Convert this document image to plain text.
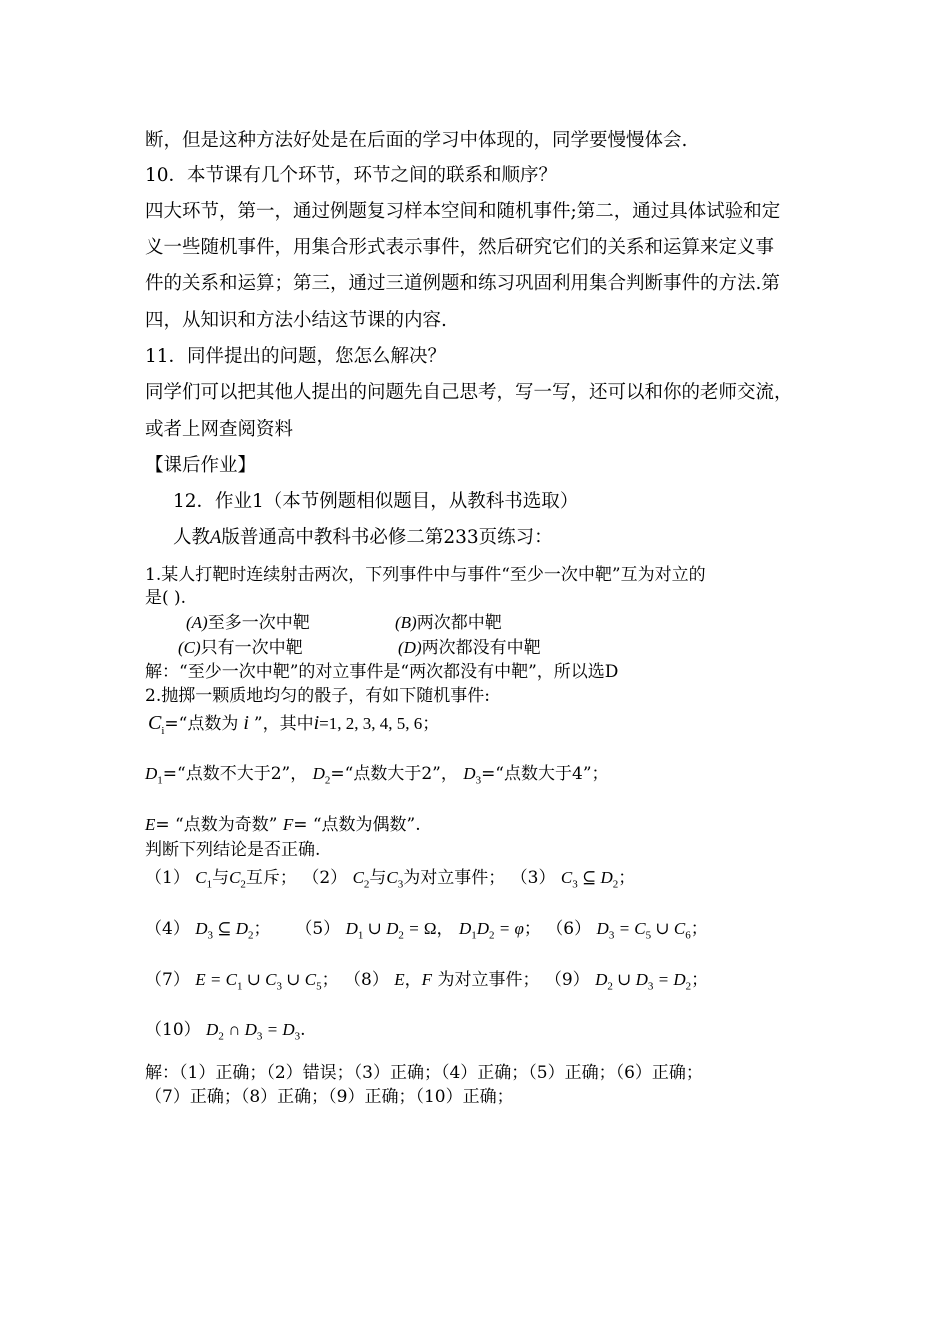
断，但是这种方法好处是在后面的学习中体现的，同学要慢慢体会.
10．本节课有几个环节，环节之间的联系和顺序？
四大环节，第一，通过例题复习样本空间和随机事件;第二，通过具体试验和定
义一些随机事件，用集合形式表示事件，然后研究它们的关系和运算来定义事
件的关系和运算；第三，通过三道例题和练习巩固利用集合判断事件的方法.第
四，从知识和方法小结这节课的内容.
11．同伴提出的问题，您怎么解决？
同学们可以把其他人提出的问题先自己思考，写一写，还可以和你的老师交流，
或者上网查阅资料
【课后作业】
12．作业1（本节例题相似题目，从教科书选取）
人教A版普通高中教科书必修二第233页练习：
1.某人打靶时连续射击两次，下列事件中与事件“至少一次中靶”互为对立的
是( ).
(A)至多一次中靶	(B)两次都中靶
(C)只有一次中靶	(D)两次都没有中靶
解：“至少一次中靶”的对立事件是“两次都没有中靶”，所以选D
2.抛掷一颗质地均匀的骰子，有如下随机事件:
$C_i=“$点数为 i ”，其中i=1, 2, 3, 4, 5, 6；
$D_1=“$点数不大于2”， $D_2=“$点数大于2”， $D_3=“$点数大于4”；
E= “点数为奇数” F= “点数为偶数”.
判断下列结论是否正确.
（1） $C_1$与$C_2$互斥； （2） $C_2$与$C_3$为对立事件； （3） $C_3$ ⊆ $D_2$；
（4） $D_3$ ⊆ $D_2$； （5） $D_1$ ∪ $D_2 = \Omega$， $D_1D_2 = \varphi$； （6） $D_3 = C_5$ ∪ $C_6$；
（7） $E = C_1$ ∪ $C_3$ ∪ $C_5$； （8） E，F 为对立事件； （9） $D_2$ ∪ $D_3 = D_2$；
（10） $D_2$ ∩ $D_3 = D_3$.
解：（1）正确；（2）错误；（3）正确；（4）正确；（5）正确；（6）正确；
（7）正确；（8）正确；（9）正确；（10）正确；
